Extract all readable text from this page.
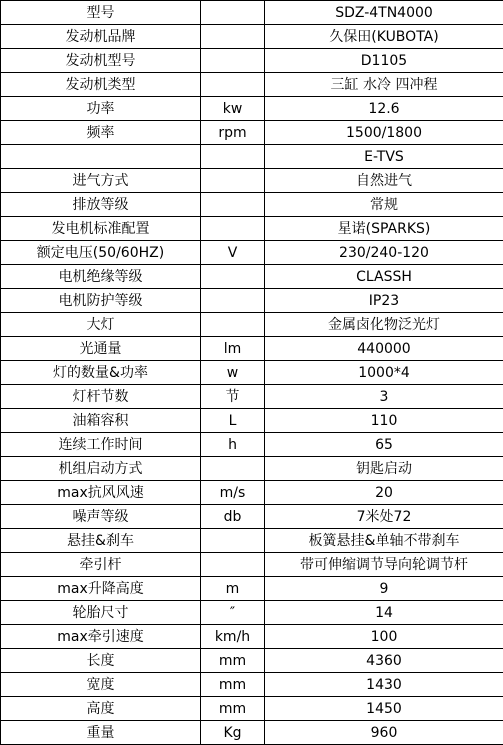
型号		SDZ-4TN4000
发动机品牌		久保田(KUBOTA)
发动机型号		D1105
发动机类型		三缸 水冷 四冲程
功率	kw	12.6
频率	rpm	1500/1800
		E-TVS
进气方式		自然进气
排放等级		常规
发电机标准配置		星诺(SPARKS)
额定电压(50/60HZ)	V	230/240-120
电机绝缘等级		CLASSH
电机防护等级		IP23
大灯		金属卤化物泛光灯
光通量	lm	440000
灯的数量&功率	w	1000*4
灯杆节数	节	3
油箱容积	L	110
连续工作时间	h	65
机组启动方式		钥匙启动
max抗风风速	m/s	20
噪声等级	db	7米处72
悬挂&刹车		板簧悬挂&单轴不带刹车
牵引杆		带可伸缩调节导向轮调节杆
max升降高度	m	9
轮胎尺寸	″	14
max牵引速度	km/h	100
长度	mm	4360
宽度	mm	1430
高度	mm	1450
重量	Kg	960
